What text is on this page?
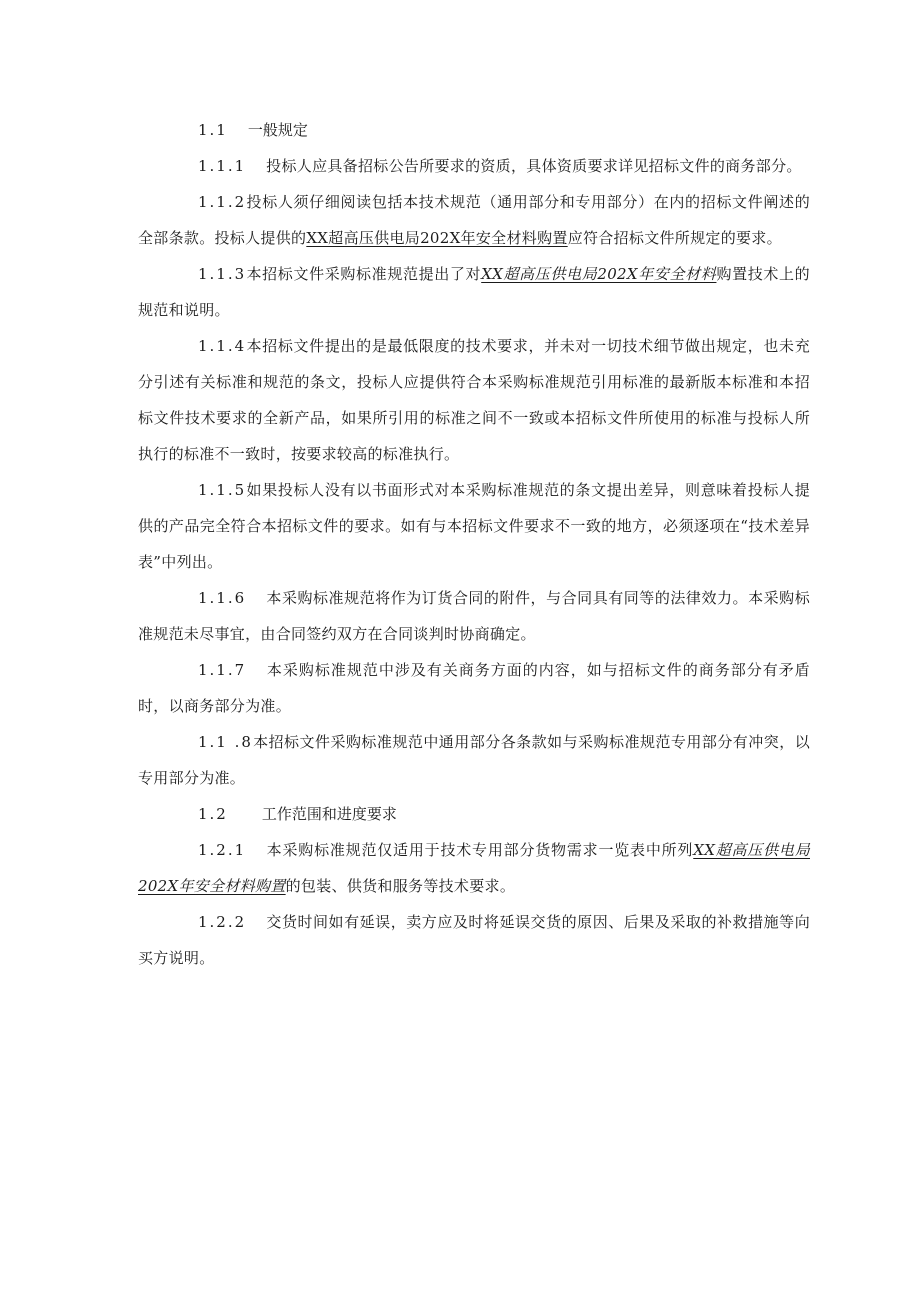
1.1 一般规定

1.1.1 投标人应具备招标公告所要求的资质，具体资质要求详见招标文件的商务部分。

1.1.2投标人须仔细阅读包括本技术规范（通用部分和专用部分）在内的招标文件阐述的全部条款。投标人提供的XX超高压供电局202X年安全材料购置应符合招标文件所规定的要求。

1.1.3本招标文件采购标准规范提出了对XX超高压供电局202X年安全材料购置技术上的规范和说明。

1.1.4本招标文件提出的是最低限度的技术要求，并未对一切技术细节做出规定，也未充分引述有关标准和规范的条文，投标人应提供符合本采购标准规范引用标准的最新版本标准和本招标文件技术要求的全新产品，如果所引用的标准之间不一致或本招标文件所使用的标准与投标人所执行的标准不一致时，按要求较高的标准执行。

1.1.5如果投标人没有以书面形式对本采购标准规范的条文提出差异，则意味着投标人提供的产品完全符合本招标文件的要求。如有与本招标文件要求不一致的地方，必须逐项在“技术差异表”中列出。

1.1.6 本采购标准规范将作为订货合同的附件，与合同具有同等的法律效力。本采购标准规范未尽事宜，由合同签约双方在合同谈判时协商确定。

1.1.7 本采购标准规范中涉及有关商务方面的内容，如与招标文件的商务部分有矛盾时，以商务部分为准。

1.1 .8本招标文件采购标准规范中通用部分各条款如与采购标准规范专用部分有冲突，以专用部分为准。

1.2 工作范围和进度要求

1.2.1 本采购标准规范仅适用于技术专用部分货物需求一览表中所列XX超高压供电局202X年安全材料购置的包装、供货和服务等技术要求。

1.2.2 交货时间如有延误，卖方应及时将延误交货的原因、后果及采取的补救措施等向买方说明。
